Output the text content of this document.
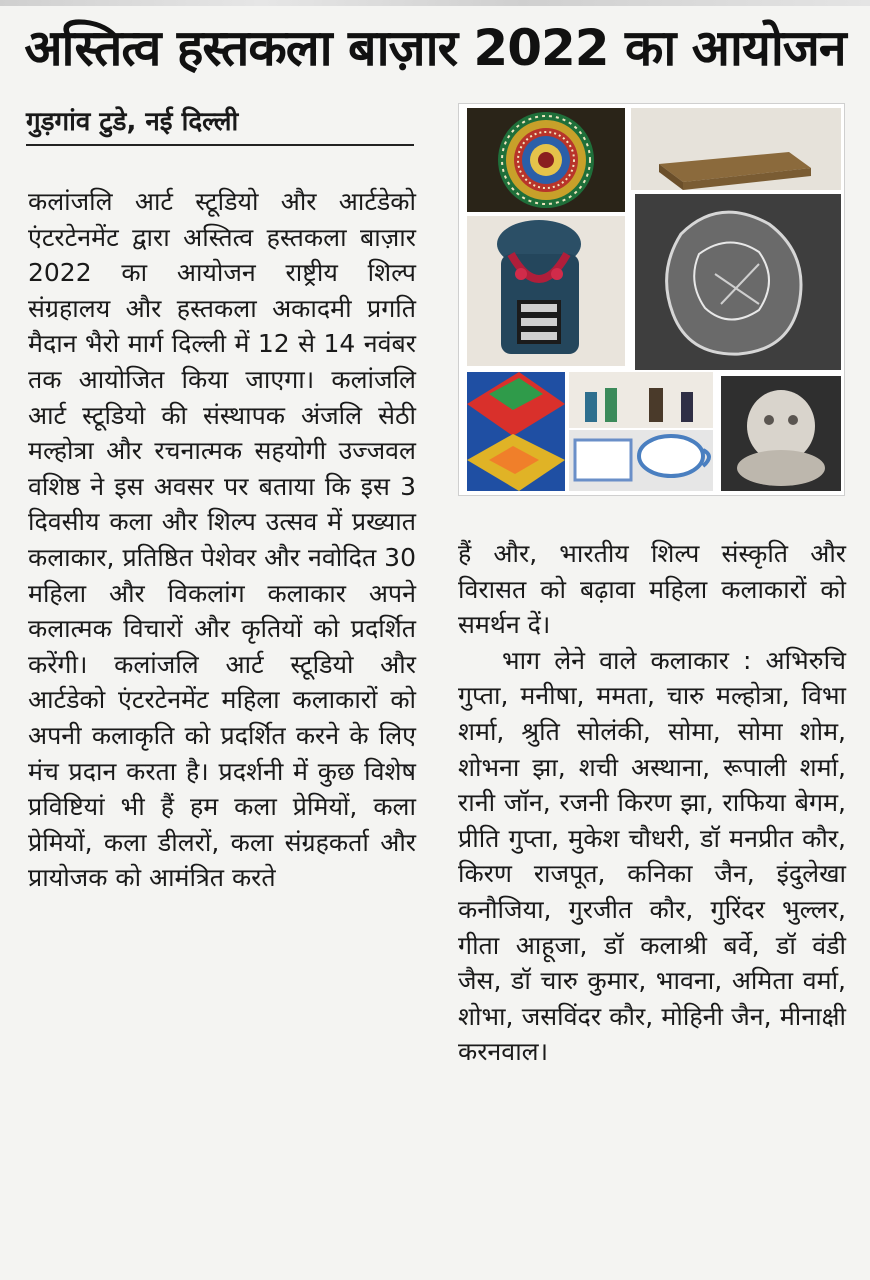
अस्तित्व हस्तकला बाज़ार 2022 का आयोजन
गुड़गांव टुडे, नई दिल्ली

कलांजलि आर्ट स्टूडियो और आर्टडेको एंटरटेनमेंट द्वारा अस्तित्व हस्तकला बाज़ार 2022 का आयोजन राष्ट्रीय शिल्प संग्रहालय और हस्तकला अकादमी प्रगति मैदान भैरो मार्ग दिल्ली में 12 से 14 नवंबर तक आयोजित किया जाएगा। कलांजलि आर्ट स्टूडियो की संस्थापक अंजलि सेठी मल्होत्रा और रचनात्मक सहयोगी उज्जवल वशिष्ठ ने इस अवसर पर बताया कि इस 3 दिवसीय कला और शिल्प उत्सव में प्रख्यात कलाकार, प्रतिष्ठित पेशेवर और नवोदित 30 महिला और विकलांग कलाकार अपने कलात्मक विचारों और कृतियों को प्रदर्शित करेंगी। कलांजलि आर्ट स्टूडियो और आर्टडेको एंटरटेनमेंट महिला कलाकारों को अपनी कलाकृति को प्रदर्शित करने के लिए मंच प्रदान करता है। प्रदर्शनी में कुछ विशेष प्रविष्टियां भी हैं हम कला प्रेमियों, कला प्रेमियों, कला डीलरों, कला संग्रहकर्ता और प्रायोजक को आमंत्रित करते

हैं और, भारतीय शिल्प संस्कृति और विरासत को बढ़ावा महिला कलाकारों को समर्थन दें।

भाग लेने वाले कलाकार : अभिरुचि गुप्ता, मनीषा, ममता, चारु मल्होत्रा, विभा शर्मा, श्रुति सोलंकी, सोमा, सोमा शोम, शोभना झा, शची अस्थाना, रूपाली शर्मा, रानी जॉन, रजनी किरण झा, राफिया बेगम, प्रीति गुप्ता, मुकेश चौधरी, डॉ मनप्रीत कौर, किरण राजपूत, कनिका जैन, इंदुलेखा कनौजिया, गुरजीत कौर, गुरिंदर भुल्लर, गीता आहूजा, डॉ कलाश्री बर्वे, डॉ वंडी जैस, डॉ चारु कुमार, भावना, अमिता वर्मा, शोभा, जसविंदर कौर, मोहिनी जैन, मीनाक्षी करनवाल।
